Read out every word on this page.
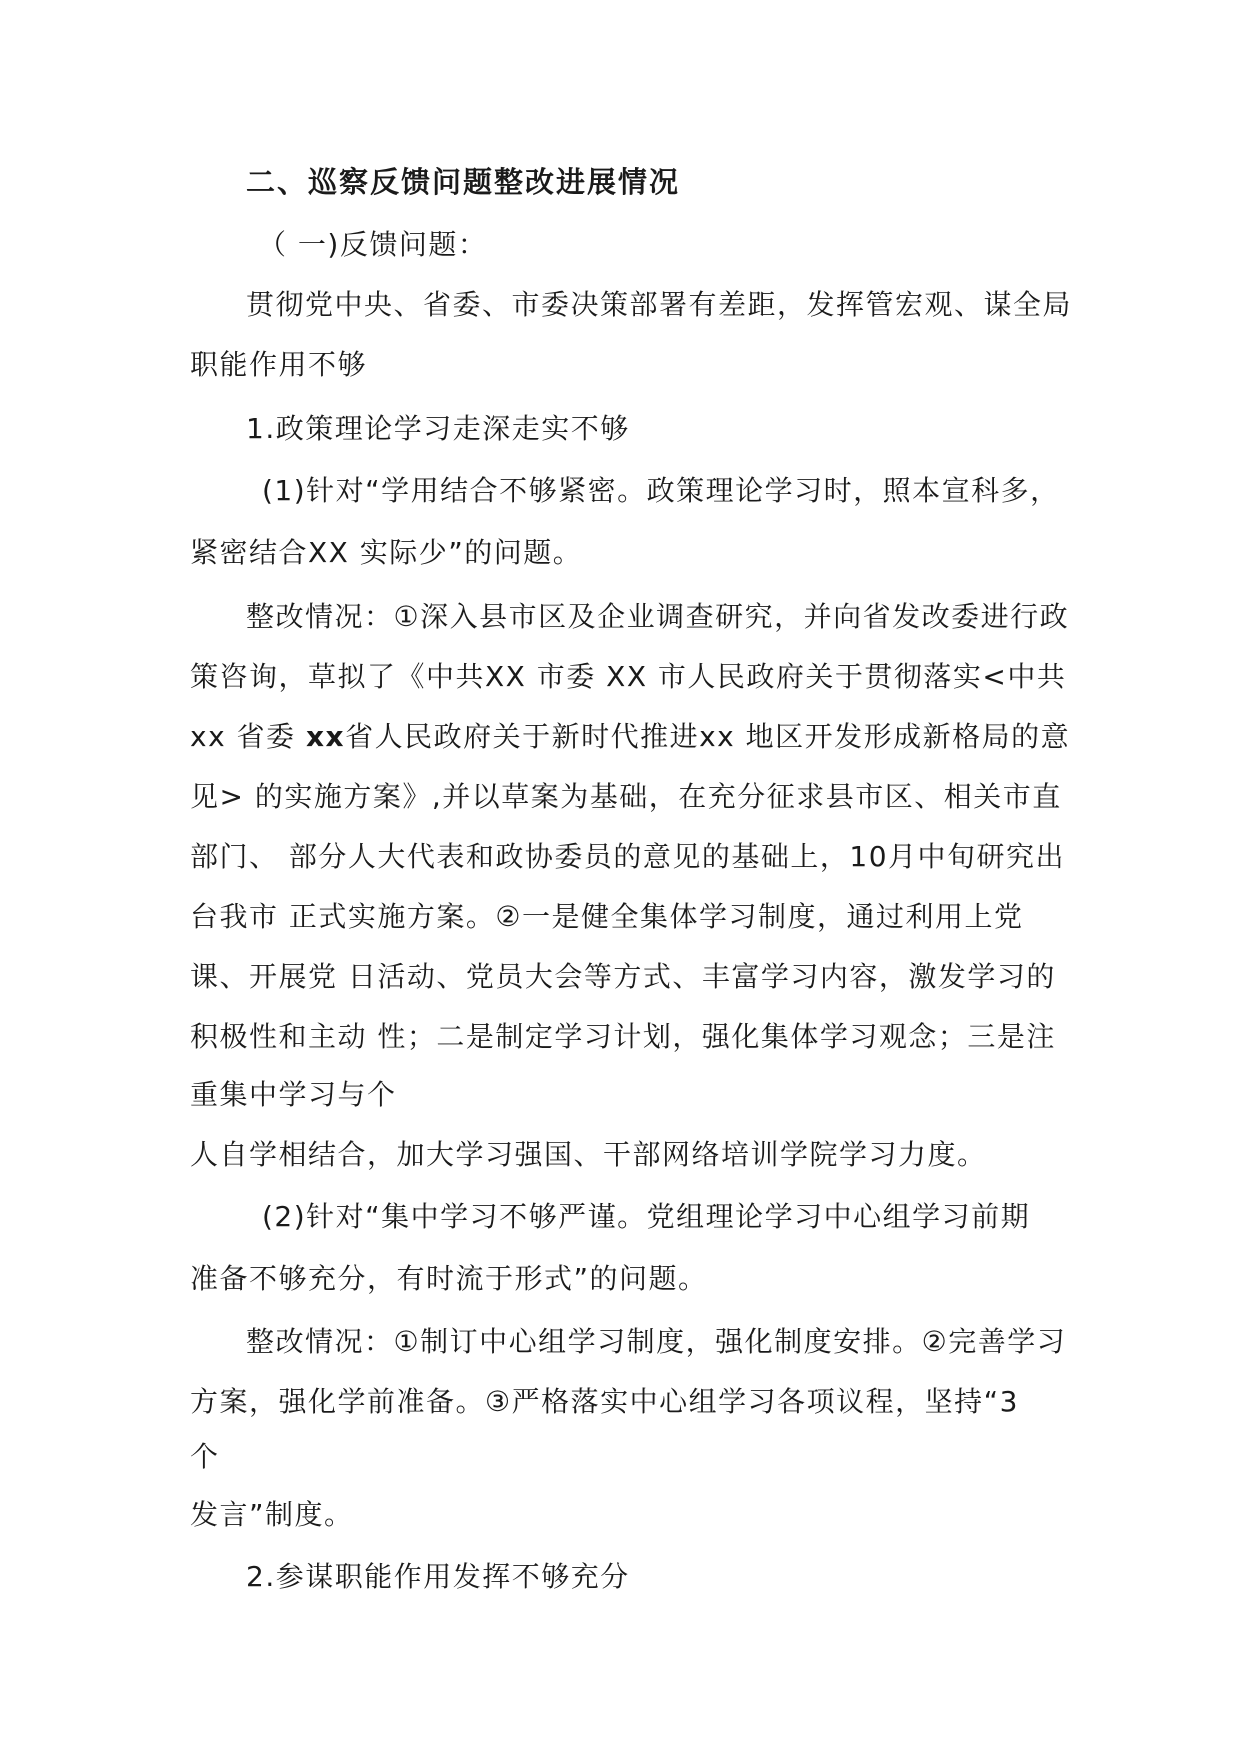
二、巡察反馈问题整改进展情况
（ 一)反馈问题：
贯彻党中央、省委、市委决策部署有差距，发挥管宏观、谋全局
职能作用不够
1.政策理论学习走深走实不够
(1)针对“学用结合不够紧密。政策理论学习时，照本宣科多，
紧密结合XX 实际少”的问题。
整改情况：①深入县市区及企业调查研究，并向省发改委进行政
策咨询，草拟了《中共XX 市委 XX 市人民政府关于贯彻落实<中共
xx 省委 xx省人民政府关于新时代推进xx 地区开发形成新格局的意
见> 的实施方案》,并以草案为基础，在充分征求县市区、相关市直
部门、 部分人大代表和政协委员的意见的基础上，10月中旬研究出
台我市 正式实施方案。②一是健全集体学习制度，通过利用上党
课、开展党 日活动、党员大会等方式、丰富学习内容，激发学习的
积极性和主动 性；二是制定学习计划，强化集体学习观念；三是注
重集中学习与个
人自学相结合，加大学习强国、干部网络培训学院学习力度。
(2)针对“集中学习不够严谨。党组理论学习中心组学习前期
准备不够充分，有时流于形式”的问题。
整改情况：①制订中心组学习制度，强化制度安排。②完善学习
方案，强化学前准备。③严格落实中心组学习各项议程，坚持“3
个
发言”制度。
2.参谋职能作用发挥不够充分
